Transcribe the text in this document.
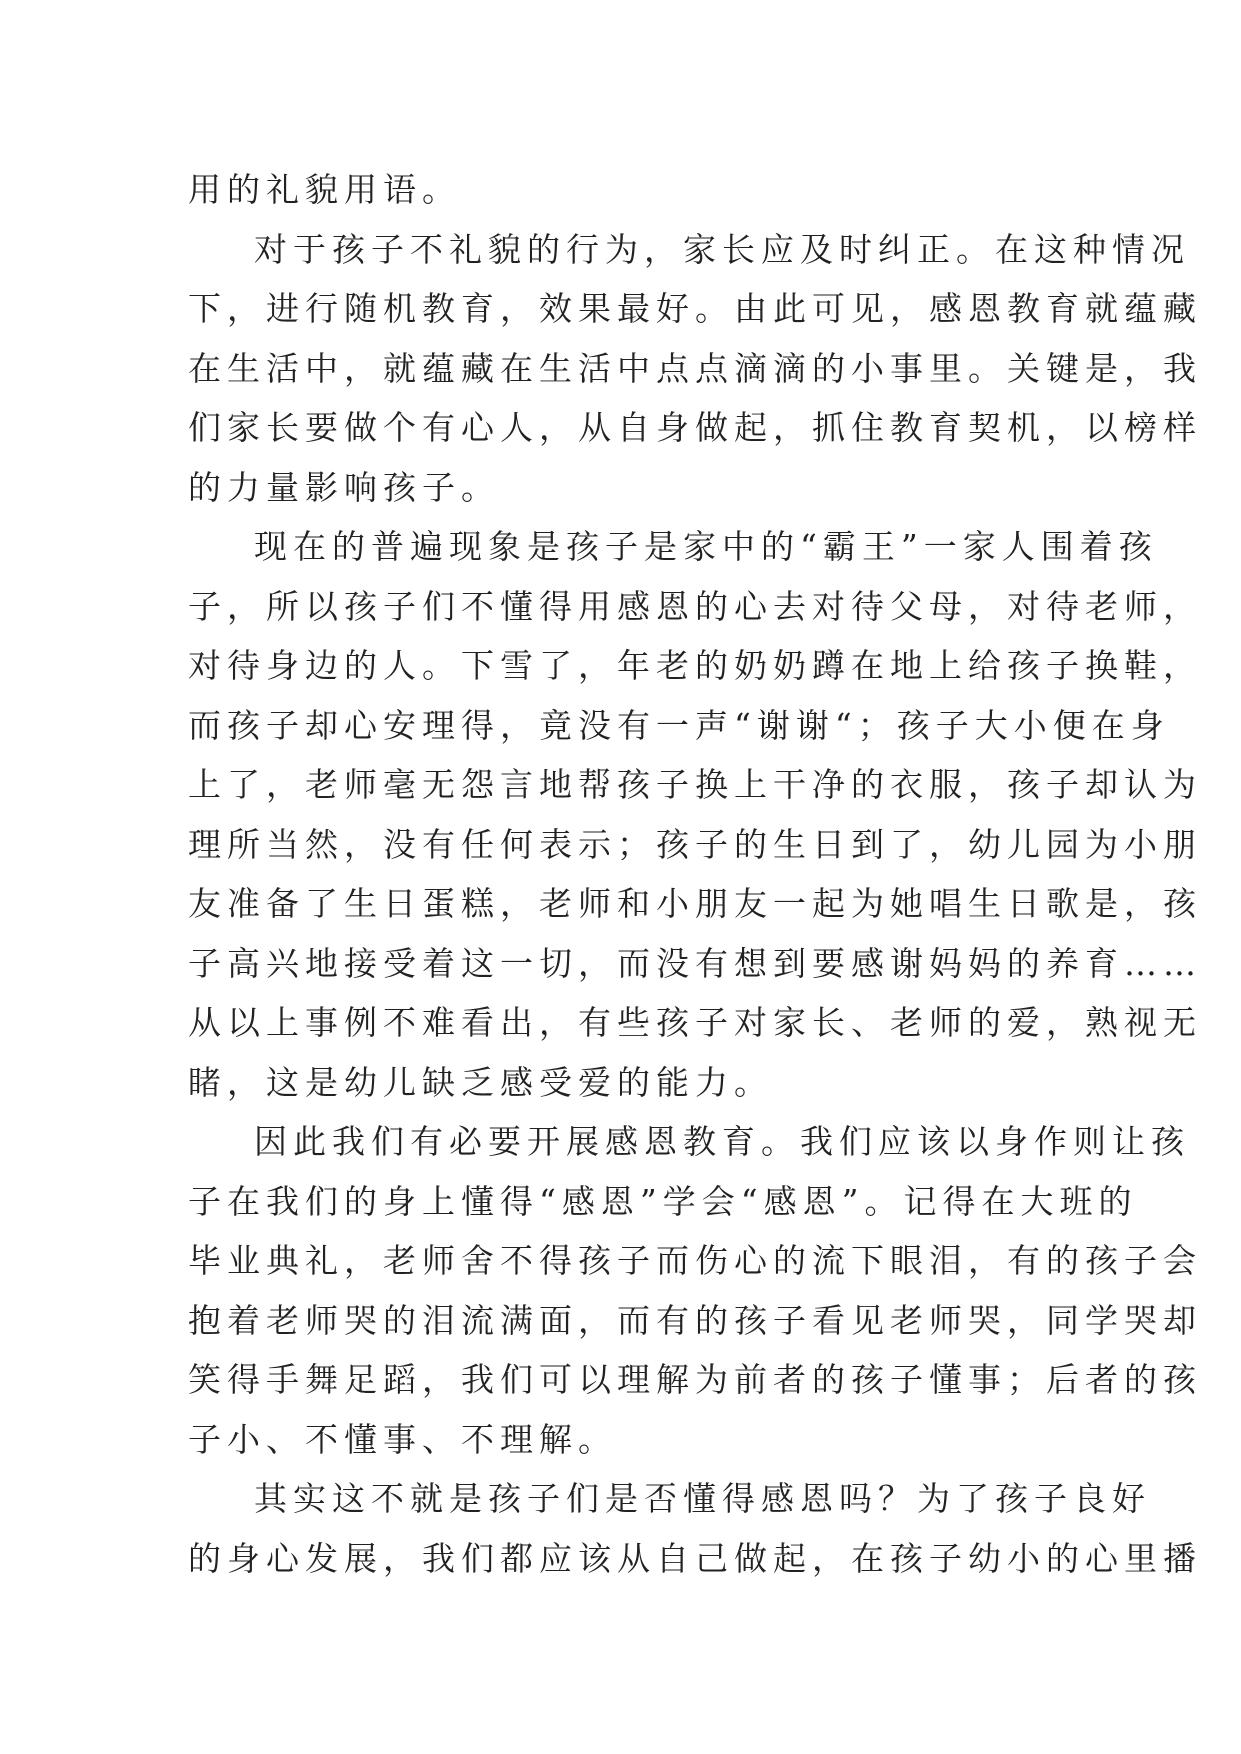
用的礼貌用语。
对于孩子不礼貌的行为，家长应及时纠正。在这种情况
下，进行随机教育，效果最好。由此可见，感恩教育就蕴藏
在生活中，就蕴藏在生活中点点滴滴的小事里。关键是，我
们家长要做个有心人，从自身做起，抓住教育契机，以榜样
的力量影响孩子。
现在的普遍现象是孩子是家中的“霸王”一家人围着孩
子，所以孩子们不懂得用感恩的心去对待父母，对待老师，
对待身边的人。下雪了，年老的奶奶蹲在地上给孩子换鞋，
而孩子却心安理得，竟没有一声“谢谢“；孩子大小便在身
上了，老师毫无怨言地帮孩子换上干净的衣服，孩子却认为
理所当然，没有任何表示；孩子的生日到了，幼儿园为小朋
友准备了生日蛋糕，老师和小朋友一起为她唱生日歌是，孩
子高兴地接受着这一切，而没有想到要感谢妈妈的养育……
从以上事例不难看出，有些孩子对家长、老师的爱，熟视无
睹，这是幼儿缺乏感受爱的能力。
因此我们有必要开展感恩教育。我们应该以身作则让孩
子在我们的身上懂得“感恩”学会“感恩”。记得在大班的
毕业典礼，老师舍不得孩子而伤心的流下眼泪，有的孩子会
抱着老师哭的泪流满面，而有的孩子看见老师哭，同学哭却
笑得手舞足蹈，我们可以理解为前者的孩子懂事；后者的孩
子小、不懂事、不理解。
其实这不就是孩子们是否懂得感恩吗？为了孩子良好
的身心发展，我们都应该从自己做起，在孩子幼小的心里播
